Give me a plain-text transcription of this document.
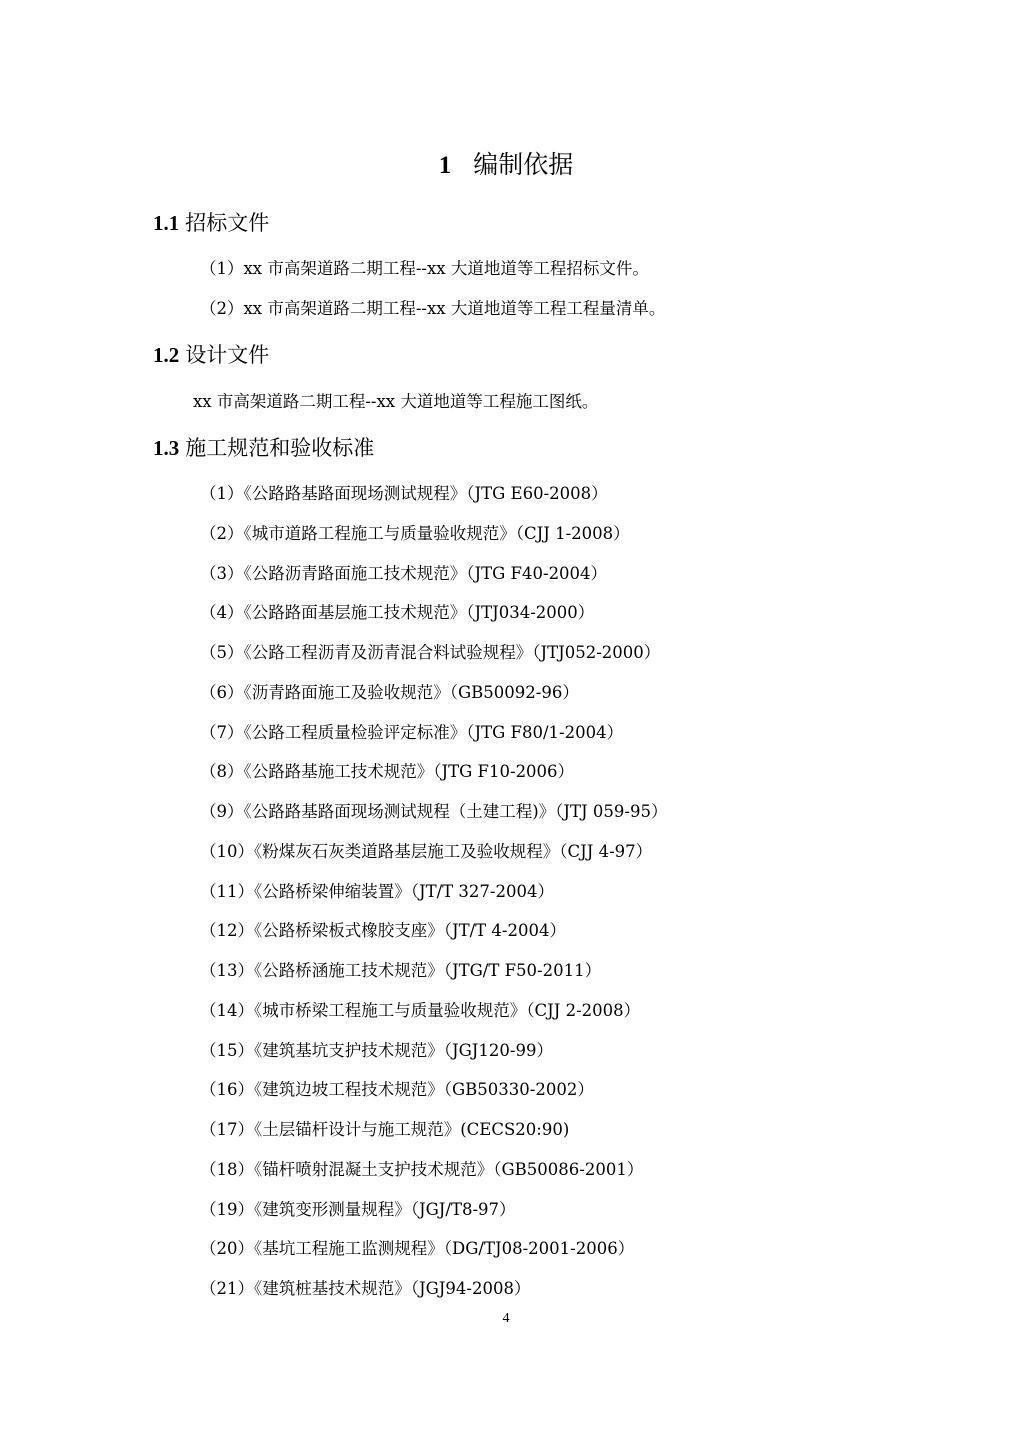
1 编制依据
1.1 招标文件
（1）xx 市高架道路二期工程--xx 大道地道等工程招标文件。
（2）xx 市高架道路二期工程--xx 大道地道等工程工程量清单。
1.2 设计文件
xx 市高架道路二期工程--xx 大道地道等工程施工图纸。
1.3 施工规范和验收标准
（1）《公路路基路面现场测试规程》（JTG E60-2008）
（2）《城市道路工程施工与质量验收规范》（CJJ 1-2008）
（3）《公路沥青路面施工技术规范》（JTG F40-2004）
（4）《公路路面基层施工技术规范》（JTJ034-2000）
（5）《公路工程沥青及沥青混合料试验规程》（JTJ052-2000）
（6）《沥青路面施工及验收规范》（GB50092-96）
（7）《公路工程质量检验评定标准》（JTG F80/1-2004）
（8）《公路路基施工技术规范》（JTG F10-2006）
（9）《公路路基路面现场测试规程（土建工程)》（JTJ 059-95）
（10）《粉煤灰石灰类道路基层施工及验收规程》（CJJ 4-97）
（11）《公路桥梁伸缩装置》（JT/T 327-2004）
（12）《公路桥梁板式橡胶支座》（JT/T 4-2004）
（13）《公路桥涵施工技术规范》（JTG/T F50-2011）
（14）《城市桥梁工程施工与质量验收规范》（CJJ 2-2008）
（15）《建筑基坑支护技术规范》（JGJ120-99）
（16）《建筑边坡工程技术规范》（GB50330-2002）
（17）《土层锚杆设计与施工规范》(CECS20:90)
（18）《锚杆喷射混凝土支护技术规范》（GB50086-2001）
（19）《建筑变形测量规程》（JGJ/T8-97）
（20）《基坑工程施工监测规程》（DG/TJ08-2001-2006）
（21）《建筑桩基技术规范》（JGJ94-2008）
4
